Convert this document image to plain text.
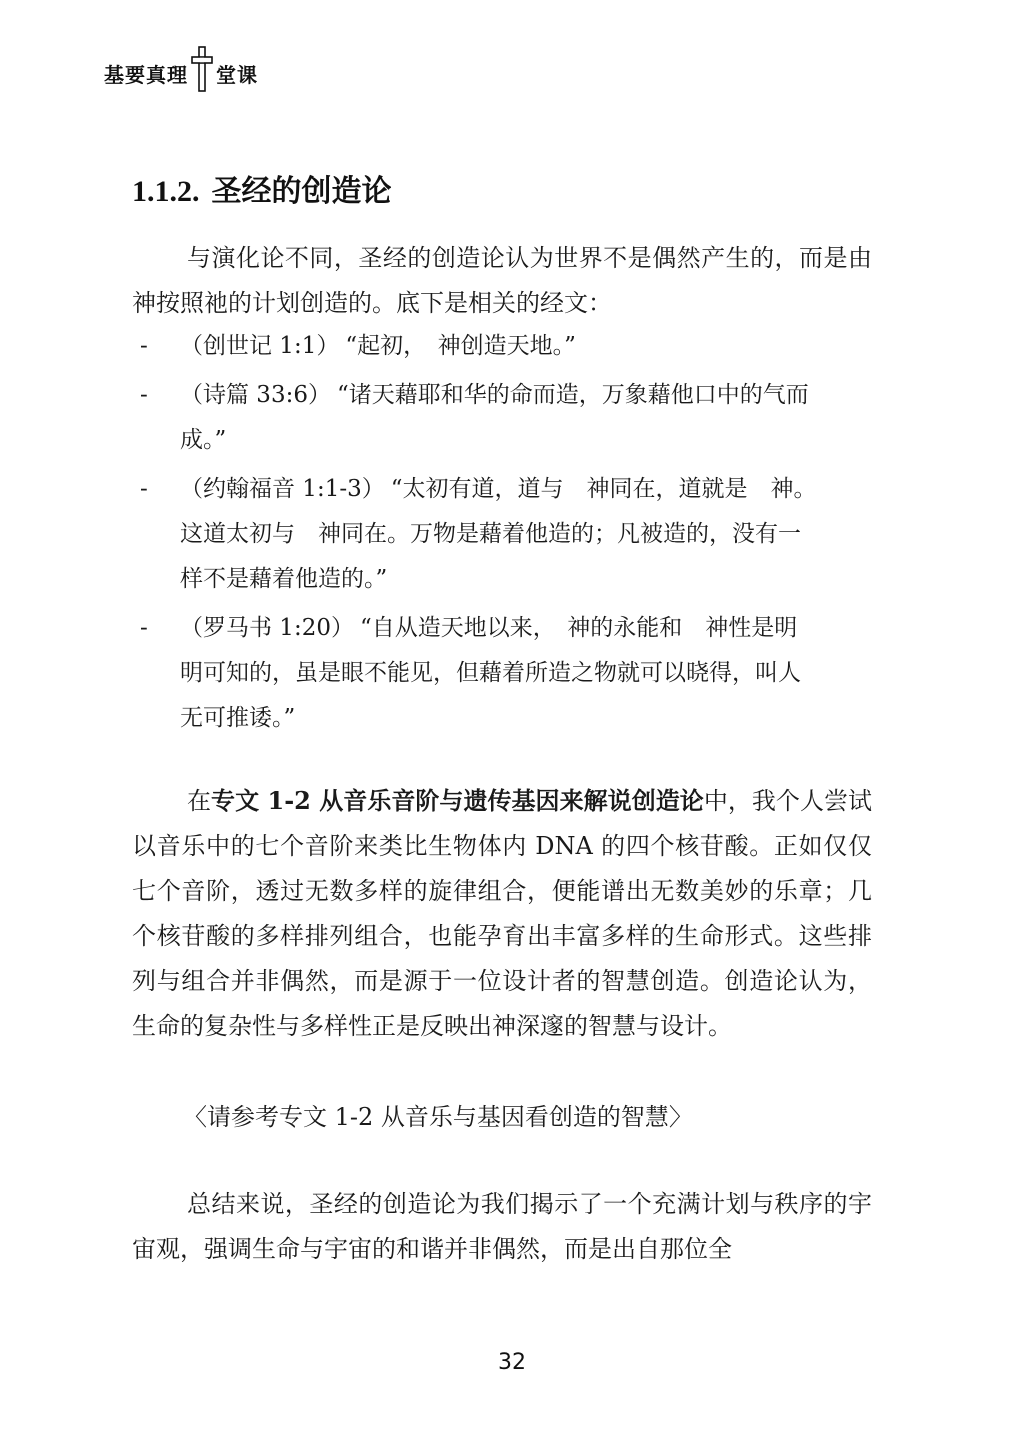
基要真理 堂课
1.1.2. 圣经的创造论

与演化论不同，圣经的创造论认为世界不是偶然产生的，而是由神按照祂的计划创造的。底下是相关的经文：

- （创世记 1:1） “起初，　神创造天地。”
- （诗篇 33:6） “诸天藉耶和华的命而造，万象藉他口中的气而成。”
- （约翰福音 1:1-3） “太初有道，道与　神同在，道就是　神。这道太初与　神同在。万物是藉着他造的；凡被造的，没有一样不是藉着他造的。”
- （罗马书 1:20） “自从造天地以来，　神的永能和　神性是明明可知的，虽是眼不能见，但藉着所造之物就可以晓得，叫人无可推诿。”

在专文 1-2 从音乐音阶与遗传基因来解说创造论中，我个人尝试以音乐中的七个音阶来类比生物体内 DNA 的四个核苷酸。正如仅仅七个音阶，透过无数多样的旋律组合，便能谱出无数美妙的乐章；几个核苷酸的多样排列组合，也能孕育出丰富多样的生命形式。这些排列与组合并非偶然，而是源于一位设计者的智慧创造。创造论认为，生命的复杂性与多样性正是反映出神深邃的智慧与设计。

〈请参考专文 1-2 从音乐与基因看创造的智慧〉

总结来说，圣经的创造论为我们揭示了一个充满计划与秩序的宇宙观，强调生命与宇宙的和谐并非偶然，而是出自那位全

32
